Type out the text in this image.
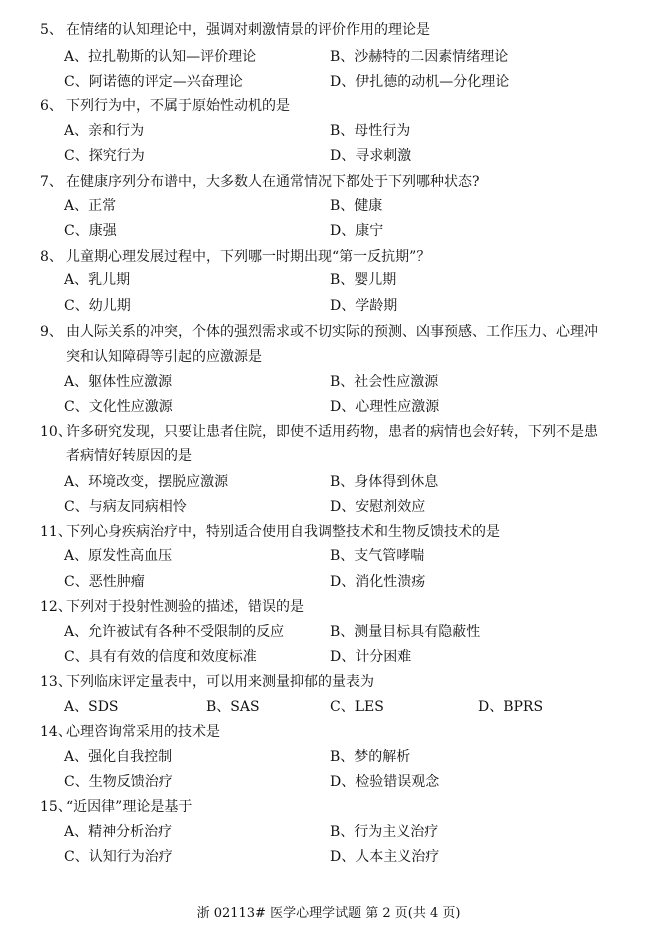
5、 在情绪的认知理论中，强调对刺激情景的评价作用的理论是
A、拉扎勒斯的认知—评价理论	B、沙赫特的二因素情绪理论
C、阿诺德的评定—兴奋理论	D、伊扎德的动机—分化理论
6、 下列行为中，不属于原始性动机的是
A、亲和行为	B、母性行为
C、探究行为	D、寻求刺激
7、 在健康序列分布谱中，大多数人在通常情况下都处于下列哪种状态?
A、正常	B、健康
C、康强	D、康宁
8、 儿童期心理发展过程中，下列哪一时期出现“第一反抗期”？
A、乳儿期	B、婴儿期
C、幼儿期	D、学龄期
9、 由人际关系的冲突，个体的强烈需求或不切实际的预测、凶事预感、工作压力、心理冲
突和认知障碍等引起的应激源是
A、躯体性应激源	B、社会性应激源
C、文化性应激源	D、心理性应激源
10、许多研究发现，只要让患者住院，即使不适用药物，患者的病情也会好转，下列不是患
者病情好转原因的是
A、环境改变，摆脱应激源	B、身体得到休息
C、与病友同病相怜	D、安慰剂效应
11、下列心身疾病治疗中，特别适合使用自我调整技术和生物反馈技术的是
A、原发性高血压	B、支气管哮喘
C、恶性肿瘤	D、消化性溃疡
12、下列对于投射性测验的描述，错误的是
A、允许被试有各种不受限制的反应	B、测量目标具有隐蔽性
C、具有有效的信度和效度标准	D、计分困难
13、下列临床评定量表中，可以用来测量抑郁的量表为
A、SDS	B、SAS	C、LES	D、BPRS
14、心理咨询常采用的技术是
A、强化自我控制	B、梦的解析
C、生物反馈治疗	D、检验错误观念
15、“近因律”理论是基于
A、精神分析治疗	B、行为主义治疗
C、认知行为治疗	D、人本主义治疗
浙 02113# 医学心理学试题 第 2 页(共 4 页)
